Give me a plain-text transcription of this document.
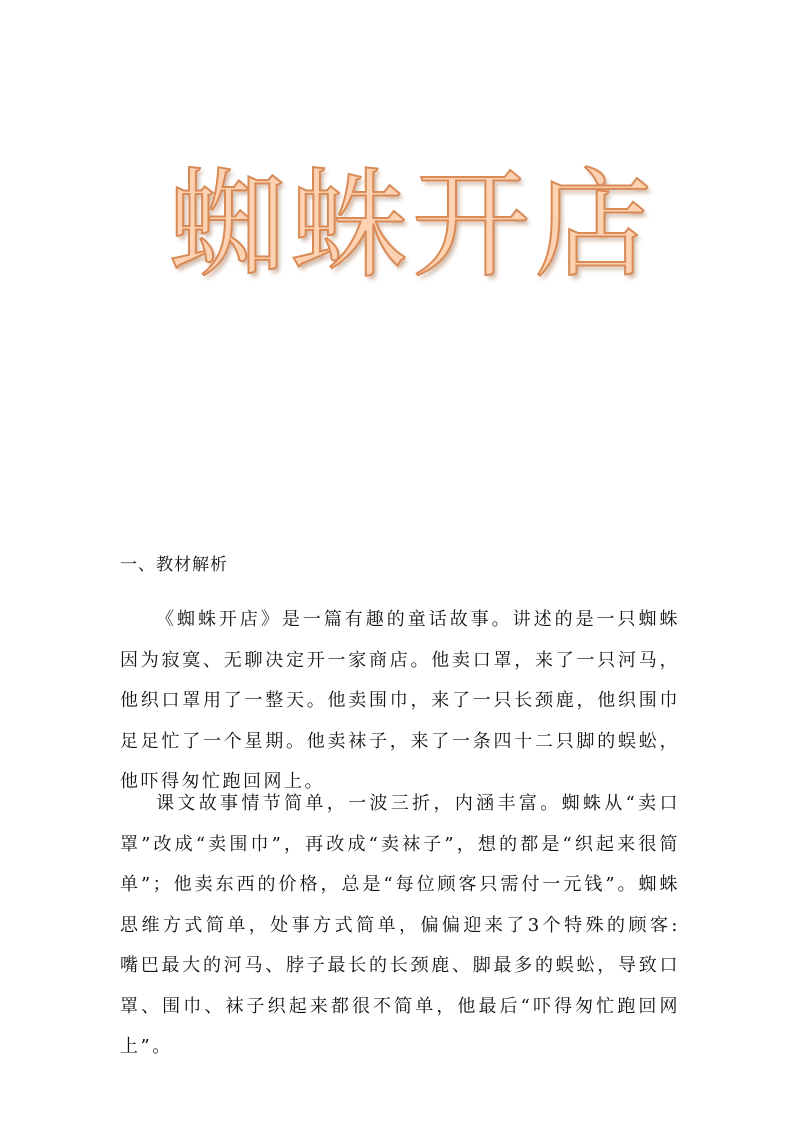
蜘蛛开店
一、教材解析

《蜘蛛开店》是一篇有趣的童话故事。讲述的是一只蜘蛛因为寂寞、无聊决定开一家商店。他卖口罩，来了一只河马，他织口罩用了一整天。他卖围巾，来了一只长颈鹿，他织围巾足足忙了一个星期。他卖袜子，来了一条四十二只脚的蜈蚣，他吓得匆忙跑回网上。

课文故事情节简单，一波三折，内涵丰富。蜘蛛从“卖口罩”改成“卖围巾”，再改成“卖袜子”，想的都是“织起来很简单”；他卖东西的价格，总是“每位顾客只需付一元钱”。蜘蛛思维方式简单，处事方式简单，偏偏迎来了3个特殊的顾客: 嘴巴最大的河马、脖子最长的长颈鹿、脚最多的蜈蚣，导致口罩、围巾、袜子织起来都很不简单，他最后“吓得匆忙跑回网上”。
